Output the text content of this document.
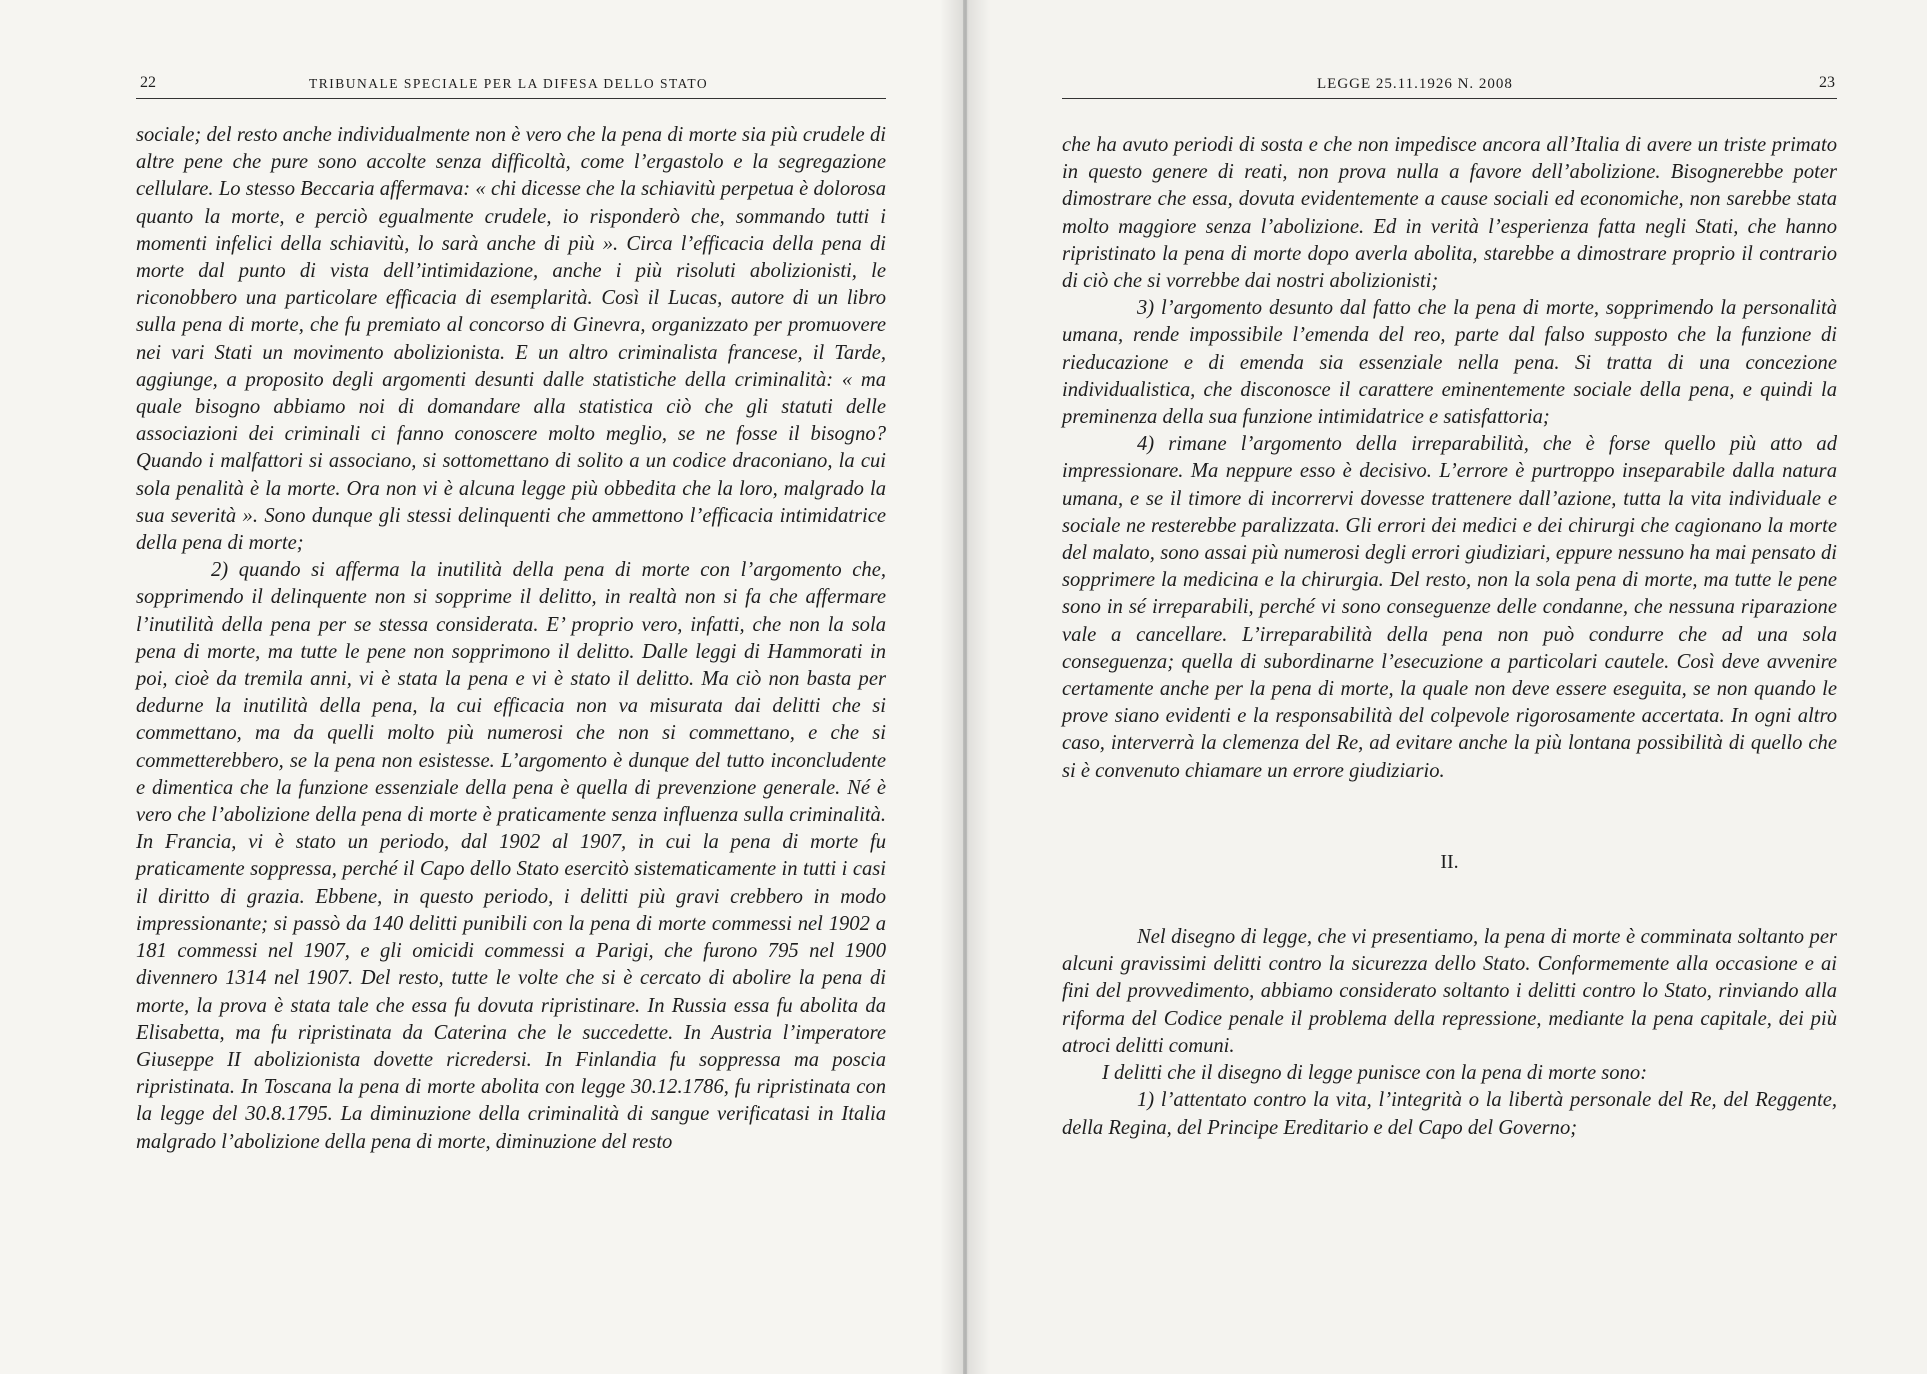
22	TRIBUNALE SPECIALE PER LA DIFESA DELLO STATO

sociale; del resto anche individualmente non è vero che la pena di morte sia più crudele di altre pene che pure sono accolte senza difficoltà, come l’ergastolo e la segregazione cellulare. Lo stesso Beccaria affermava: « chi dicesse che la schiavitù perpetua è dolorosa quanto la morte, e perciò egualmente crudele, io risponderò che, sommando tutti i momenti infelici della schiavitù, lo sarà anche di più ». Circa l’efficacia della pena di morte dal punto di vista dell’intimidazione, anche i più risoluti abolizionisti, le riconobbero una particolare efficacia di esemplarità. Così il Lucas, autore di un libro sulla pena di morte, che fu premiato al concorso di Ginevra, organizzato per promuovere nei vari Stati un movimento abolizionista. E un altro criminalista francese, il Tarde, aggiunge, a proposito degli argomenti desunti dalle statistiche della criminalità: « ma quale bisogno abbiamo noi di domandare alla statistica ciò che gli statuti delle associazioni dei criminali ci fanno conoscere molto meglio, se ne fosse il bisogno? Quando i malfattori si associano, si sottomettano di solito a un codice draconiano, la cui sola penalità è la morte. Ora non vi è alcuna legge più obbedita che la loro, malgrado la sua severità ». Sono dunque gli stessi delinquenti che ammettono l’efficacia intimidatrice della pena di morte;

2) quando si afferma la inutilità della pena di morte con l’argomento che, sopprimendo il delinquente non si sopprime il delitto, in realtà non si fa che affermare l’inutilità della pena per se stessa considerata. E’ proprio vero, infatti, che non la sola pena di morte, ma tutte le pene non sopprimono il delitto. Dalle leggi di Hammorati in poi, cioè da tremila anni, vi è stata la pena e vi è stato il delitto. Ma ciò non basta per dedurne la inutilità della pena, la cui efficacia non va misurata dai delitti che si commettano, ma da quelli molto più numerosi che non si commettano, e che si commetterebbero, se la pena non esistesse. L’argomento è dunque del tutto inconcludente e dimentica che la funzione essenziale della pena è quella di prevenzione generale. Né è vero che l’abolizione della pena di morte è praticamente senza influenza sulla criminalità. In Francia, vi è stato un periodo, dal 1902 al 1907, in cui la pena di morte fu praticamente soppressa, perché il Capo dello Stato esercitò sistematicamente in tutti i casi il diritto di grazia. Ebbene, in questo periodo, i delitti più gravi crebbero in modo impressionante; si passò da 140 delitti punibili con la pena di morte commessi nel 1902 a 181 commessi nel 1907, e gli omicidi commessi a Parigi, che furono 795 nel 1900 divennero 1314 nel 1907. Del resto, tutte le volte che si è cercato di abolire la pena di morte, la prova è stata tale che essa fu dovuta ripristinare. In Russia essa fu abolita da Elisabetta, ma fu ripristinata da Caterina che le succedette. In Austria l’imperatore Giuseppe II abolizionista dovette ricredersi. In Finlandia fu soppressa ma poscia ripristinata. In Toscana la pena di morte abolita con legge 30.12.1786, fu ripristinata con la legge del 30.8.1795. La diminuzione della criminalità di sangue verificatasi in Italia malgrado l’abolizione della pena di morte, diminuzione del resto

LEGGE 25.11.1926 N. 2008	23

che ha avuto periodi di sosta e che non impedisce ancora all’Italia di avere un triste primato in questo genere di reati, non prova nulla a favore dell’abolizione. Bisognerebbe poter dimostrare che essa, dovuta evidentemente a cause sociali ed economiche, non sarebbe stata molto maggiore senza l’abolizione. Ed in verità l’esperienza fatta negli Stati, che hanno ripristinato la pena di morte dopo averla abolita, starebbe a dimostrare proprio il contrario di ciò che si vorrebbe dai nostri abolizionisti;

3) l’argomento desunto dal fatto che la pena di morte, sopprimendo la personalità umana, rende impossibile l’emenda del reo, parte dal falso supposto che la funzione di rieducazione e di emenda sia essenziale nella pena. Si tratta di una concezione individualistica, che disconosce il carattere eminentemente sociale della pena, e quindi la preminenza della sua funzione intimidatrice e satisfattoria;

4) rimane l’argomento della irreparabilità, che è forse quello più atto ad impressionare. Ma neppure esso è decisivo. L’errore è purtroppo inseparabile dalla natura umana, e se il timore di incorrervi dovesse trattenere dall’azione, tutta la vita individuale e sociale ne resterebbe paralizzata. Gli errori dei medici e dei chirurgi che cagionano la morte del malato, sono assai più numerosi degli errori giudiziari, eppure nessuno ha mai pensato di sopprimere la medicina e la chirurgia. Del resto, non la sola pena di morte, ma tutte le pene sono in sé irreparabili, perché vi sono conseguenze delle condanne, che nessuna riparazione vale a cancellare. L’irreparabilità della pena non può condurre che ad una sola conseguenza; quella di subordinarne l’esecuzione a particolari cautele. Così deve avvenire certamente anche per la pena di morte, la quale non deve essere eseguita, se non quando le prove siano evidenti e la responsabilità del colpevole rigorosamente accertata. In ogni altro caso, interverrà la clemenza del Re, ad evitare anche la più lontana possibilità di quello che si è convenuto chiamare un errore giudiziario.

II.

Nel disegno di legge, che vi presentiamo, la pena di morte è comminata soltanto per alcuni gravissimi delitti contro la sicurezza dello Stato. Conformemente alla occasione e ai fini del provvedimento, abbiamo considerato soltanto i delitti contro lo Stato, rinviando alla riforma del Codice penale il problema della repressione, mediante la pena capitale, dei più atroci delitti comuni.

I delitti che il disegno di legge punisce con la pena di morte sono:

1) l’attentato contro la vita, l’integrità o la libertà personale del Re, del Reggente, della Regina, del Principe Ereditario e del Capo del Governo;
